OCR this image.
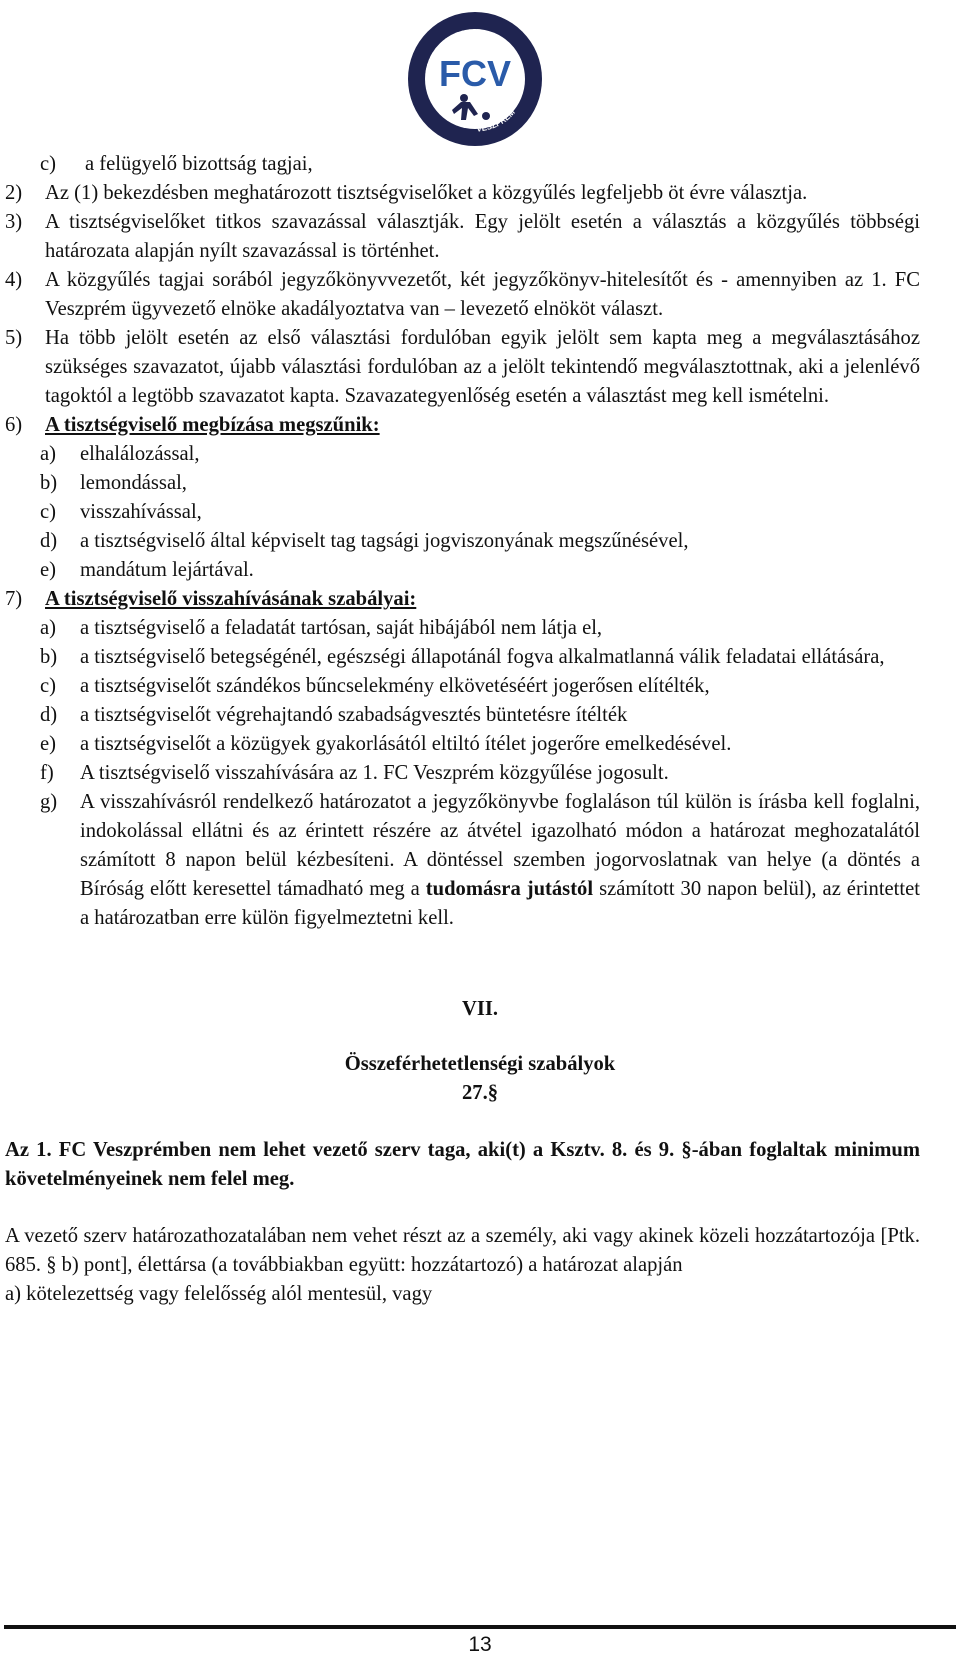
FUTSAL CLUB
FCV
VESZPRÉM
c) a felügyelő bizottság tagjai,
2) Az (1) bekezdésben meghatározott tisztségviselőket a közgyűlés legfeljebb öt évre választja.
3) A tisztségviselőket titkos szavazással választják. Egy jelölt esetén a választás a közgyűlés többségi határozata alapján nyílt szavazással is történhet.
4) A közgyűlés tagjai sorából jegyzőkönyvvezetőt, két jegyzőkönyv-hitelesítőt és - amennyiben az 1. FC Veszprém ügyvezető elnöke akadályoztatva van – levezető elnököt választ.
5) Ha több jelölt esetén az első választási fordulóban egyik jelölt sem kapta meg a megválasztásához szükséges szavazatot, újabb választási fordulóban az a jelölt tekintendő megválasztottnak, aki a jelenlévő tagoktól a legtöbb szavazatot kapta. Szavazategyenlőség esetén a választást meg kell ismételni.
6) A tisztségviselő megbízása megszűnik:
a) elhalálozással,
b) lemondással,
c) visszahívással,
d) a tisztségviselő által képviselt tag tagsági jogviszonyának megszűnésével,
e) mandátum lejártával.
7) A tisztségviselő visszahívásának szabályai:
a) a tisztségviselő a feladatát tartósan, saját hibájából nem látja el,
b) a tisztségviselő betegségénél, egészségi állapotánál fogva alkalmatlanná válik feladatai ellátására,
c) a tisztségviselőt szándékos bűncselekmény elkövetéséért jogerősen elítélték,
d) a tisztségviselőt végrehajtandó szabadságvesztés büntetésre ítélték
e) a tisztségviselőt a közügyek gyakorlásától eltiltó ítélet jogerőre emelkedésével.
f) A tisztségviselő visszahívására az 1. FC Veszprém közgyűlése jogosult.
g) A visszahívásról rendelkező határozatot a jegyzőkönyvbe foglaláson túl külön is írásba kell foglalni, indokolással ellátni és az érintett részére az átvétel igazolható módon a határozat meghozatalától számított 8 napon belül kézbesíteni. A döntéssel szemben jogorvoslatnak van helye (a döntés a Bíróság előtt keresettel támadható meg a tudomásra jutástól számított 30 napon belül), az érintettet a határozatban erre külön figyelmeztetni kell.
VII.
Összeférhetetlenségi szabályok
27.§
Az 1. FC Veszprémben nem lehet vezető szerv taga, aki(t) a Ksztv. 8. és 9. §-ában foglaltak minimum követelményeinek nem felel meg.
A vezető szerv határozathozatalában nem vehet részt az a személy, aki vagy akinek közeli hozzátartozója [Ptk. 685. § b) pont], élettársa (a továbbiakban együtt: hozzátartozó) a határozat alapján
a) kötelezettség vagy felelősség alól mentesül, vagy
13
